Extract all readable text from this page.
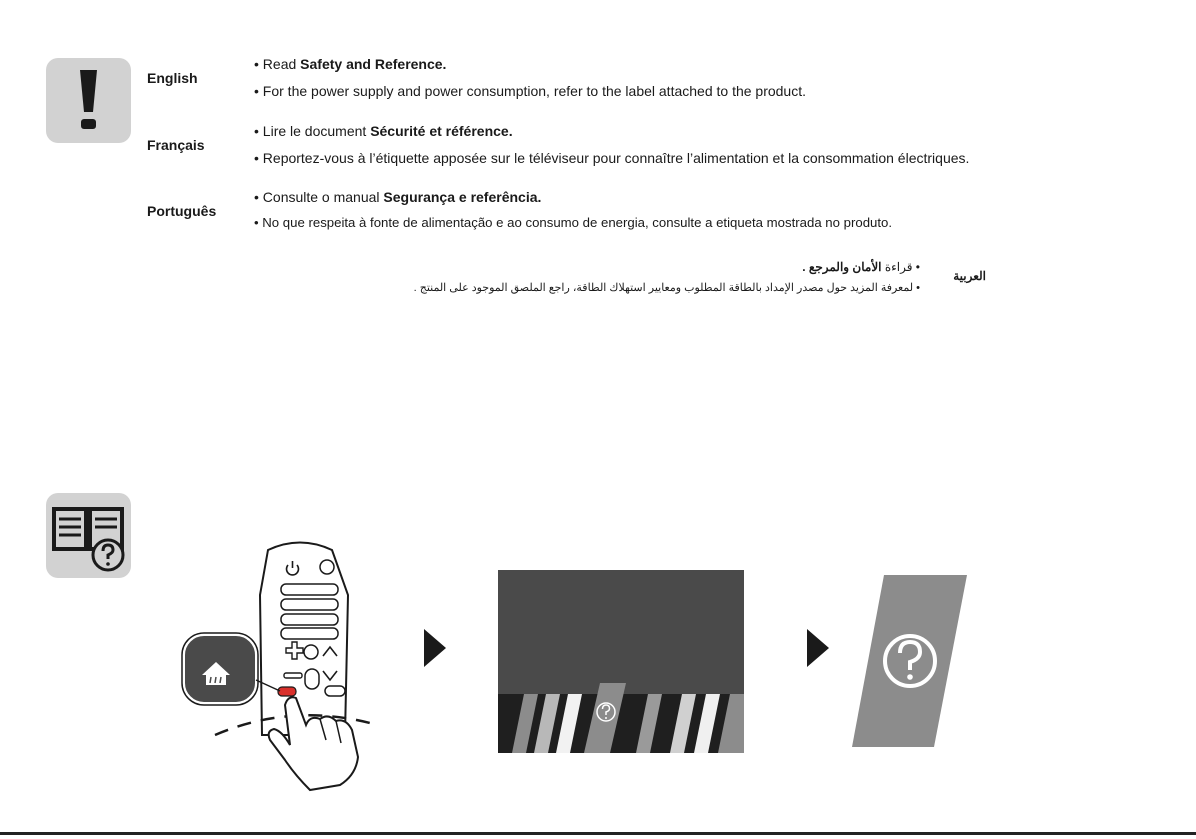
English
• Read Safety and Reference.
• For the power supply and power consumption, refer to the label attached to the product.
Français
• Lire le document Sécurité et référence.
• Reportez-vous à l’étiquette apposée sur le téléviseur pour connaître l’alimentation et la consommation électriques.
Português
• Consulte o manual Segurança e referência.
• No que respeita à fonte de alimentação e ao consumo de energia, consulte a etiqueta mostrada no produto.
العربية
• قراءة الأمان والمرجع .
• لمعرفة المزيد حول مصدر الإمداد بالطاقة المطلوب ومعايير استهلاك الطاقة، راجع الملصق الموجود على المنتج .
